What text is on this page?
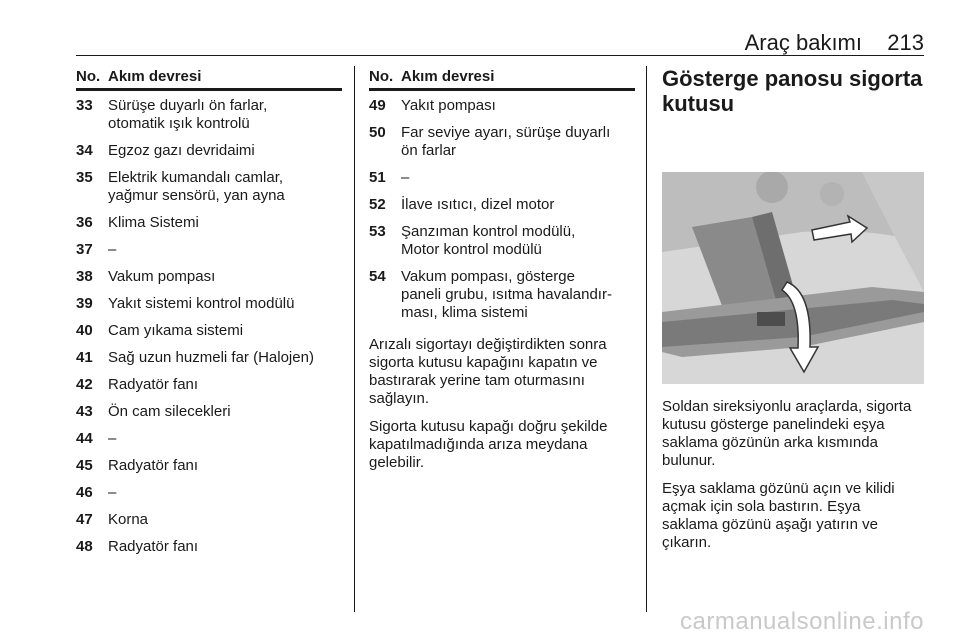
Araç bakımı 213
No. Akım devresi
33	Sürüşe duyarlı ön farlar,
otomatik ışık kontrolü
34	Egzoz gazı devridaimi
35	Elektrik kumandalı camlar,
yağmur sensörü, yan ayna
36	Klima Sistemi
37	–
38	Vakum pompası
39	Yakıt sistemi kontrol modülü
40	Cam yıkama sistemi
41	Sağ uzun huzmeli far (Halojen)
42	Radyatör fanı
43	Ön cam silecekleri
44	–
45	Radyatör fanı
46	–
47	Korna
48	Radyatör fanı
No. Akım devresi
49	Yakıt pompası
50	Far seviye ayarı, sürüşe duyarlı
ön farlar
51	–
52	İlave ısıtıcı, dizel motor
53	Şanzıman kontrol modülü,
Motor kontrol modülü
54	Vakum pompası, gösterge
paneli grubu, ısıtma havalandır-
ması, klima sistemi

Arızalı sigortayı değiştirdikten sonra
sigorta kutusu kapağını kapatın ve
bastırarak yerine tam oturmasını
sağlayın.

Sigorta kutusu kapağı doğru şekilde
kapatılmadığında arıza meydana
gelebilir.

Gösterge panosu sigorta
kutusu

Soldan sireksiyonlu araçlarda, sigorta
kutusu gösterge panelindeki eşya
saklama gözünün arka kısmında
bulunur.

Eşya saklama gözünü açın ve kilidi
açmak için sola bastırın. Eşya
saklama gözünü aşağı yatırın ve
çıkarın.

carmanualsonline.info
